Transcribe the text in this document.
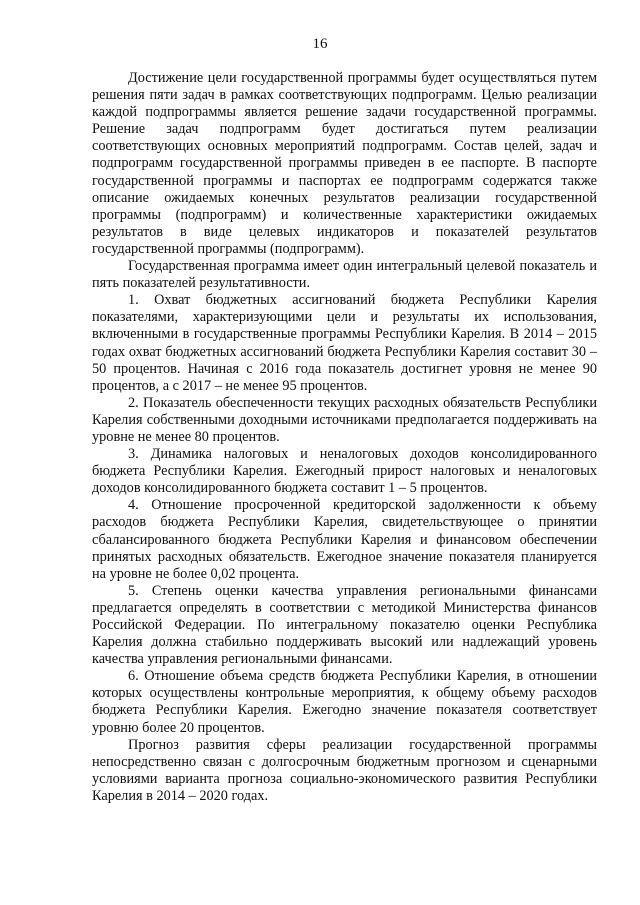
16

Достижение цели государственной программы будет осуществляться путем решения пяти задач в рамках соответствующих подпрограмм. Целью реализации каждой подпрограммы является решение задачи государственной программы. Решение задач подпрограмм будет достигаться путем реализации соответствующих основных мероприятий подпрограмм. Состав целей, задач и подпрограмм государственной программы приведен в ее паспорте. В паспорте государственной программы и паспортах ее подпрограмм содержатся также описание ожидаемых конечных результатов реализации государственной программы (подпрограмм) и количественные характеристики ожидаемых результатов в виде целевых индикаторов и показателей результатов государственной программы (подпрограмм).

Государственная программа имеет один интегральный целевой показатель и пять показателей результативности.

1. Охват бюджетных ассигнований бюджета Республики Карелия показателями, характеризующими цели и результаты их использования, включенными в государственные программы Республики Карелия. В 2014 – 2015 годах охват бюджетных ассигнований бюджета Республики Карелия составит 30 – 50 процентов. Начиная с 2016 года показатель достигнет уровня не менее 90 процентов, а с 2017 – не менее 95 процентов.

2. Показатель обеспеченности текущих расходных обязательств Республики Карелия собственными доходными источниками предполагается поддерживать на уровне не менее 80 процентов.

3. Динамика налоговых и неналоговых доходов консолидированного бюджета Республики Карелия. Ежегодный прирост налоговых и неналоговых доходов консолидированного бюджета составит 1 – 5 процентов.

4. Отношение просроченной кредиторской задолженности к объему расходов бюджета Республики Карелия, свидетельствующее о принятии сбалансированного бюджета Республики Карелия и финансовом обеспечении принятых расходных обязательств. Ежегодное значение показателя планируется на уровне не более 0,02 процента.

5. Степень оценки качества управления региональными финансами предлагается определять в соответствии с методикой Министерства финансов Российской Федерации. По интегральному показателю оценки Республика Карелия должна стабильно поддерживать высокий или надлежащий уровень качества управления региональными финансами.

6. Отношение объема средств бюджета Республики Карелия, в отношении которых осуществлены контрольные мероприятия, к общему объему расходов бюджета Республики Карелия. Ежегодно значение показателя соответствует уровню более 20 процентов.

Прогноз развития сферы реализации государственной программы непосредственно связан с долгосрочным бюджетным прогнозом и сценарными условиями варианта прогноза социально-экономического развития Республики Карелия в 2014 – 2020 годах.
